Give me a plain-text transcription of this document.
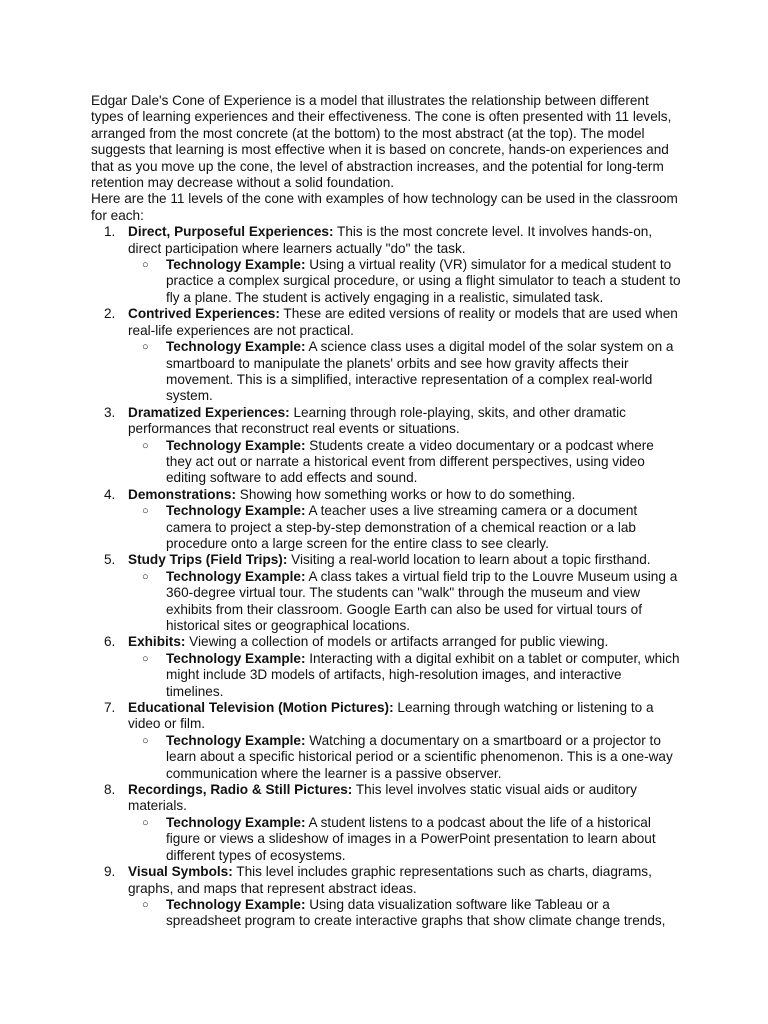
Edgar Dale's Cone of Experience is a model that illustrates the relationship between different types of learning experiences and their effectiveness. The cone is often presented with 11 levels, arranged from the most concrete (at the bottom) to the most abstract (at the top). The model suggests that learning is most effective when it is based on concrete, hands-on experiences and that as you move up the cone, the level of abstraction increases, and the potential for long-term retention may decrease without a solid foundation.

Here are the 11 levels of the cone with examples of how technology can be used in the classroom for each:

1. Direct, Purposeful Experiences: This is the most concrete level. It involves hands-on, direct participation where learners actually "do" the task.
○ Technology Example: Using a virtual reality (VR) simulator for a medical student to practice a complex surgical procedure, or using a flight simulator to teach a student to fly a plane. The student is actively engaging in a realistic, simulated task.
2. Contrived Experiences: These are edited versions of reality or models that are used when real-life experiences are not practical.
○ Technology Example: A science class uses a digital model of the solar system on a smartboard to manipulate the planets' orbits and see how gravity affects their movement. This is a simplified, interactive representation of a complex real-world system.
3. Dramatized Experiences: Learning through role-playing, skits, and other dramatic performances that reconstruct real events or situations.
○ Technology Example: Students create a video documentary or a podcast where they act out or narrate a historical event from different perspectives, using video editing software to add effects and sound.
4. Demonstrations: Showing how something works or how to do something.
○ Technology Example: A teacher uses a live streaming camera or a document camera to project a step-by-step demonstration of a chemical reaction or a lab procedure onto a large screen for the entire class to see clearly.
5. Study Trips (Field Trips): Visiting a real-world location to learn about a topic firsthand.
○ Technology Example: A class takes a virtual field trip to the Louvre Museum using a 360-degree virtual tour. The students can "walk" through the museum and view exhibits from their classroom. Google Earth can also be used for virtual tours of historical sites or geographical locations.
6. Exhibits: Viewing a collection of models or artifacts arranged for public viewing.
○ Technology Example: Interacting with a digital exhibit on a tablet or computer, which might include 3D models of artifacts, high-resolution images, and interactive timelines.
7. Educational Television (Motion Pictures): Learning through watching or listening to a video or film.
○ Technology Example: Watching a documentary on a smartboard or a projector to learn about a specific historical period or a scientific phenomenon. This is a one-way communication where the learner is a passive observer.
8. Recordings, Radio & Still Pictures: This level involves static visual aids or auditory materials.
○ Technology Example: A student listens to a podcast about the life of a historical figure or views a slideshow of images in a PowerPoint presentation to learn about different types of ecosystems.
9. Visual Symbols: This level includes graphic representations such as charts, diagrams, graphs, and maps that represent abstract ideas.
○ Technology Example: Using data visualization software like Tableau or a spreadsheet program to create interactive graphs that show climate change trends,
